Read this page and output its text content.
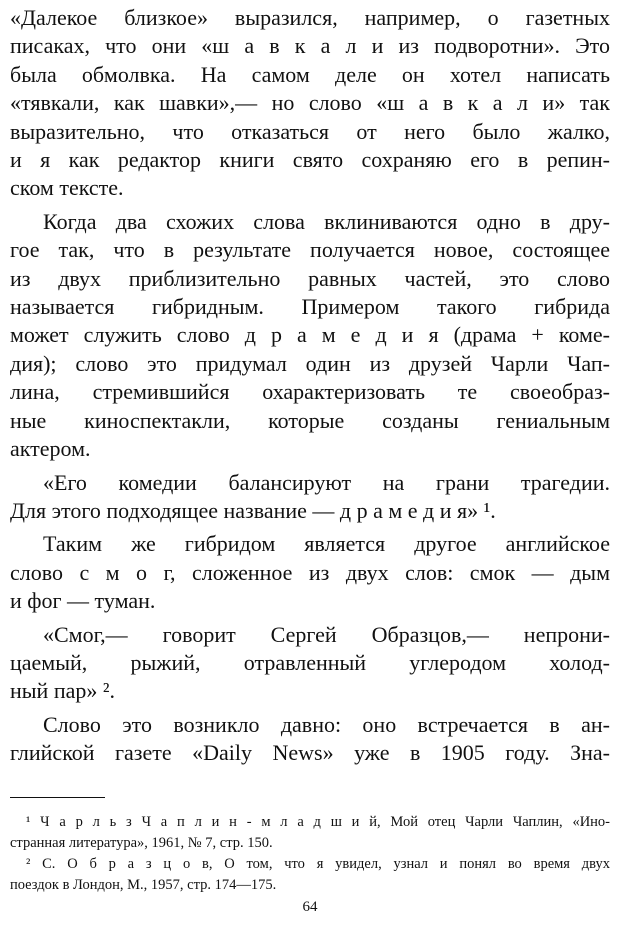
«Далекое близкое» выразился, например, о газетных
писаках, что они «ш а в к а л и из подворотни». Это
была обмолвка. На самом деле он хотел написать
«тявкали, как шавки»,— но слово «ш а в к а л и» так
выразительно, что отказаться от него было жалко,
и я как редактор книги свято сохраняю его в репин-
ском тексте.
Когда два схожих слова вклиниваются одно в дру-
гое так, что в результате получается новое, состоящее
из двух приблизительно равных частей, это слово
называется гибридным. Примером такого гибрида
может служить слово д р а м е д и я (драма + коме-
дия); слово это придумал один из друзей Чарли Чап-
лина, стремившийся охарактеризовать те своеобраз-
ные киноспектакли, которые созданы гениальным
актером.
«Его комедии балансируют на грани трагедии.
Для этого подходящее название — д р а м е д и я» ¹.
Таким же гибридом является другое английское
слово с м о г, сложенное из двух слов: смок — дым
и фог — туман.
«Смог,— говорит Сергей Образцов,— непрони-
цаемый, рыжий, отравленный углеродом холод-
ный пар» ².
Слово это возникло давно: оно встречается в ан-
глийской газете «Daily News» уже в 1905 году. Зна-
¹ Ч а р л ь з Ч а п л и н - м л а д ш и й, Мой отец Чарли Чаплин, «Ино-
странная литература», 1961, № 7, стр. 150.
² С. О б р а з ц о в, О том, что я увидел, узнал и понял во время двух
поездок в Лондон, М., 1957, стр. 174—175.
64
